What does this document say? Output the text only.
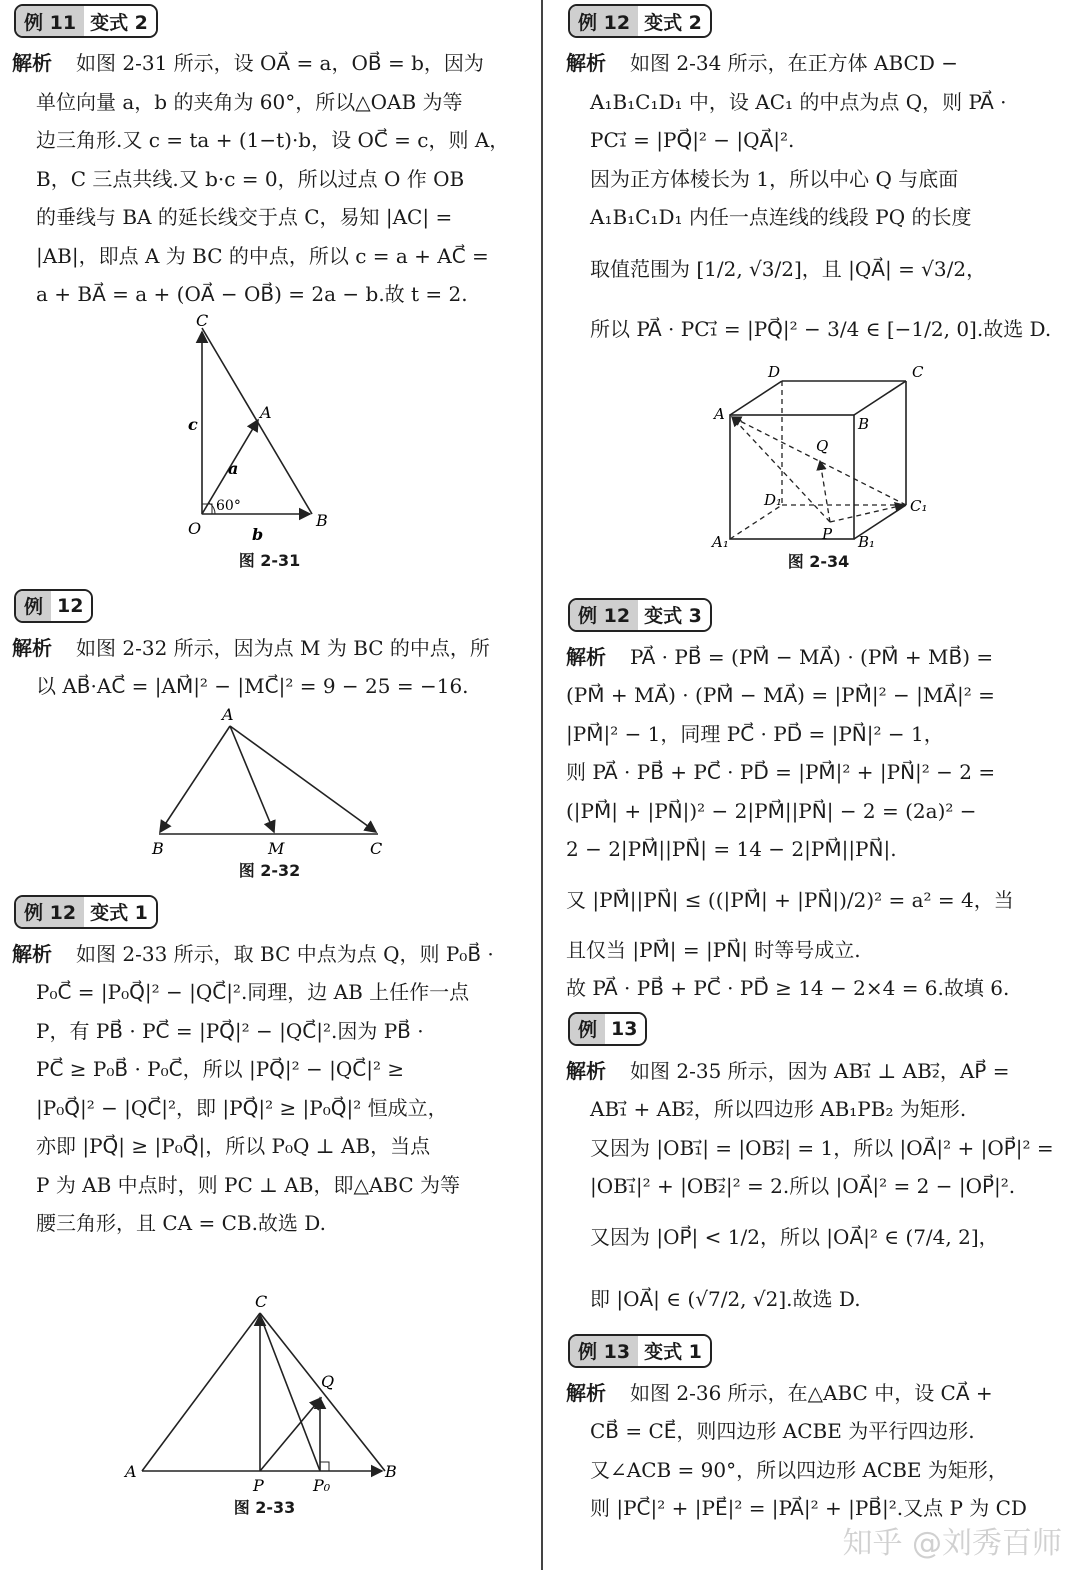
例 11 变式 2

解析 如图 2-31 所示，设 OA⃗ = a，OB⃗ = b，因为
单位向量 a，b 的夹角为 60°，所以△OAB 为等
边三角形.又 c = ta + (1−t)·b，设 OC⃗ = c，则 A，
B，C 三点共线.又 b·c = 0，所以过点 O 作 OB
的垂线与 BA 的延长线交于点 C，易知 |AC| =
|AB|，即点 A 为 BC 的中点，所以 c = a + AC⃗ =
a + BA⃗ = a + (OA⃗ − OB⃗) = 2a − b.故 t = 2.

C
A
O	B
c
a
b
60°
图 2-31
例 12

解析 如图 2-32 所示，因为点 M 为 BC 的中点，所
以 AB⃗·AC⃗ = |AM⃗|² − |MC⃗|² = 9 − 25 = −16.

A
B	M	C
图 2-32
例 12 变式 1

解析 如图 2-33 所示，取 BC 中点为点 Q，则 P₀B⃗ ·
P₀C⃗ = |P₀Q⃗|² − |QC⃗|².同理，边 AB 上任作一点
P，有 PB⃗ · PC⃗ = |PQ⃗|² − |QC⃗|².因为 PB⃗ ·
PC⃗ ≥ P₀B⃗ · P₀C⃗，所以 |PQ⃗|² − |QC⃗|² ≥
|P₀Q⃗|² − |QC⃗|²，即 |PQ⃗|² ≥ |P₀Q⃗|² 恒成立，
亦即 |PQ⃗| ≥ |P₀Q⃗|，所以 P₀Q ⊥ AB，当点
P 为 AB 中点时，则 PC ⊥ AB，即△ABC 为等
腰三角形，且 CA = CB.故选 D.

C
Q
A
P	P₀
B
图 2-33
例 12 变式 2

解析 如图 2-34 所示，在正方体 ABCD −
A₁B₁C₁D₁ 中，设 AC₁ 的中点为点 Q，则 PA⃗ ·
PC₁⃗ = |PQ⃗|² − |QA⃗|².
因为正方体棱长为 1，所以中心 Q 与底面
A₁B₁C₁D₁ 内任一点连线的线段 PQ 的长度
取值范围为 [1/2, √3/2]，且 |QA⃗| = √3/2，
所以 PA⃗ · PC₁⃗ = |PQ⃗|² − 3/4 ∈ [−1/2, 0].故选 D.

D	C
A
B
Q
D₁	C₁
P
A₁	B₁
图 2-34
例 12 变式 3

解析 PA⃗ · PB⃗ = (PM⃗ − MA⃗) · (PM⃗ + MB⃗) =
(PM⃗ + MA⃗) · (PM⃗ − MA⃗) = |PM⃗|² − |MA⃗|² =
|PM⃗|² − 1，同理 PC⃗ · PD⃗ = |PN⃗|² − 1，
则 PA⃗ · PB⃗ + PC⃗ · PD⃗ = |PM⃗|² + |PN⃗|² − 2 =
(|PM⃗| + |PN⃗|)² − 2|PM⃗||PN⃗| − 2 = (2a)² −
2 − 2|PM⃗||PN⃗| = 14 − 2|PM⃗||PN⃗|.
又 |PM⃗||PN⃗| ≤ ((|PM⃗| + |PN⃗|)/2)² = a² = 4，当
且仅当 |PM⃗| = |PN⃗| 时等号成立.
故 PA⃗ · PB⃗ + PC⃗ · PD⃗ ≥ 14 − 2×4 = 6.故填 6.

例 13

解析 如图 2-35 所示，因为 AB₁⃗ ⊥ AB₂⃗，AP⃗ =
AB₁⃗ + AB₂⃗，所以四边形 AB₁PB₂ 为矩形.
又因为 |OB₁⃗| = |OB₂⃗| = 1，所以 |OA⃗|² + |OP⃗|² =
|OB₁⃗|² + |OB₂⃗|² = 2.所以 |OA⃗|² = 2 − |OP⃗|².
又因为 |OP⃗| < 1/2，所以 |OA⃗|² ∈ (7/4, 2]，
即 |OA⃗| ∈ (√7/2, √2].故选 D.

例 13 变式 1

解析 如图 2-36 所示，在△ABC 中，设 CA⃗ +
CB⃗ = CE⃗，则四边形 ACBE 为平行四边形.
又∠ACB = 90°，所以四边形 ACBE 为矩形，
则 |PC⃗|² + |PE⃗|² = |PA⃗|² + |PB⃗|².又点 P 为 CD

知乎 @刘秀百师
